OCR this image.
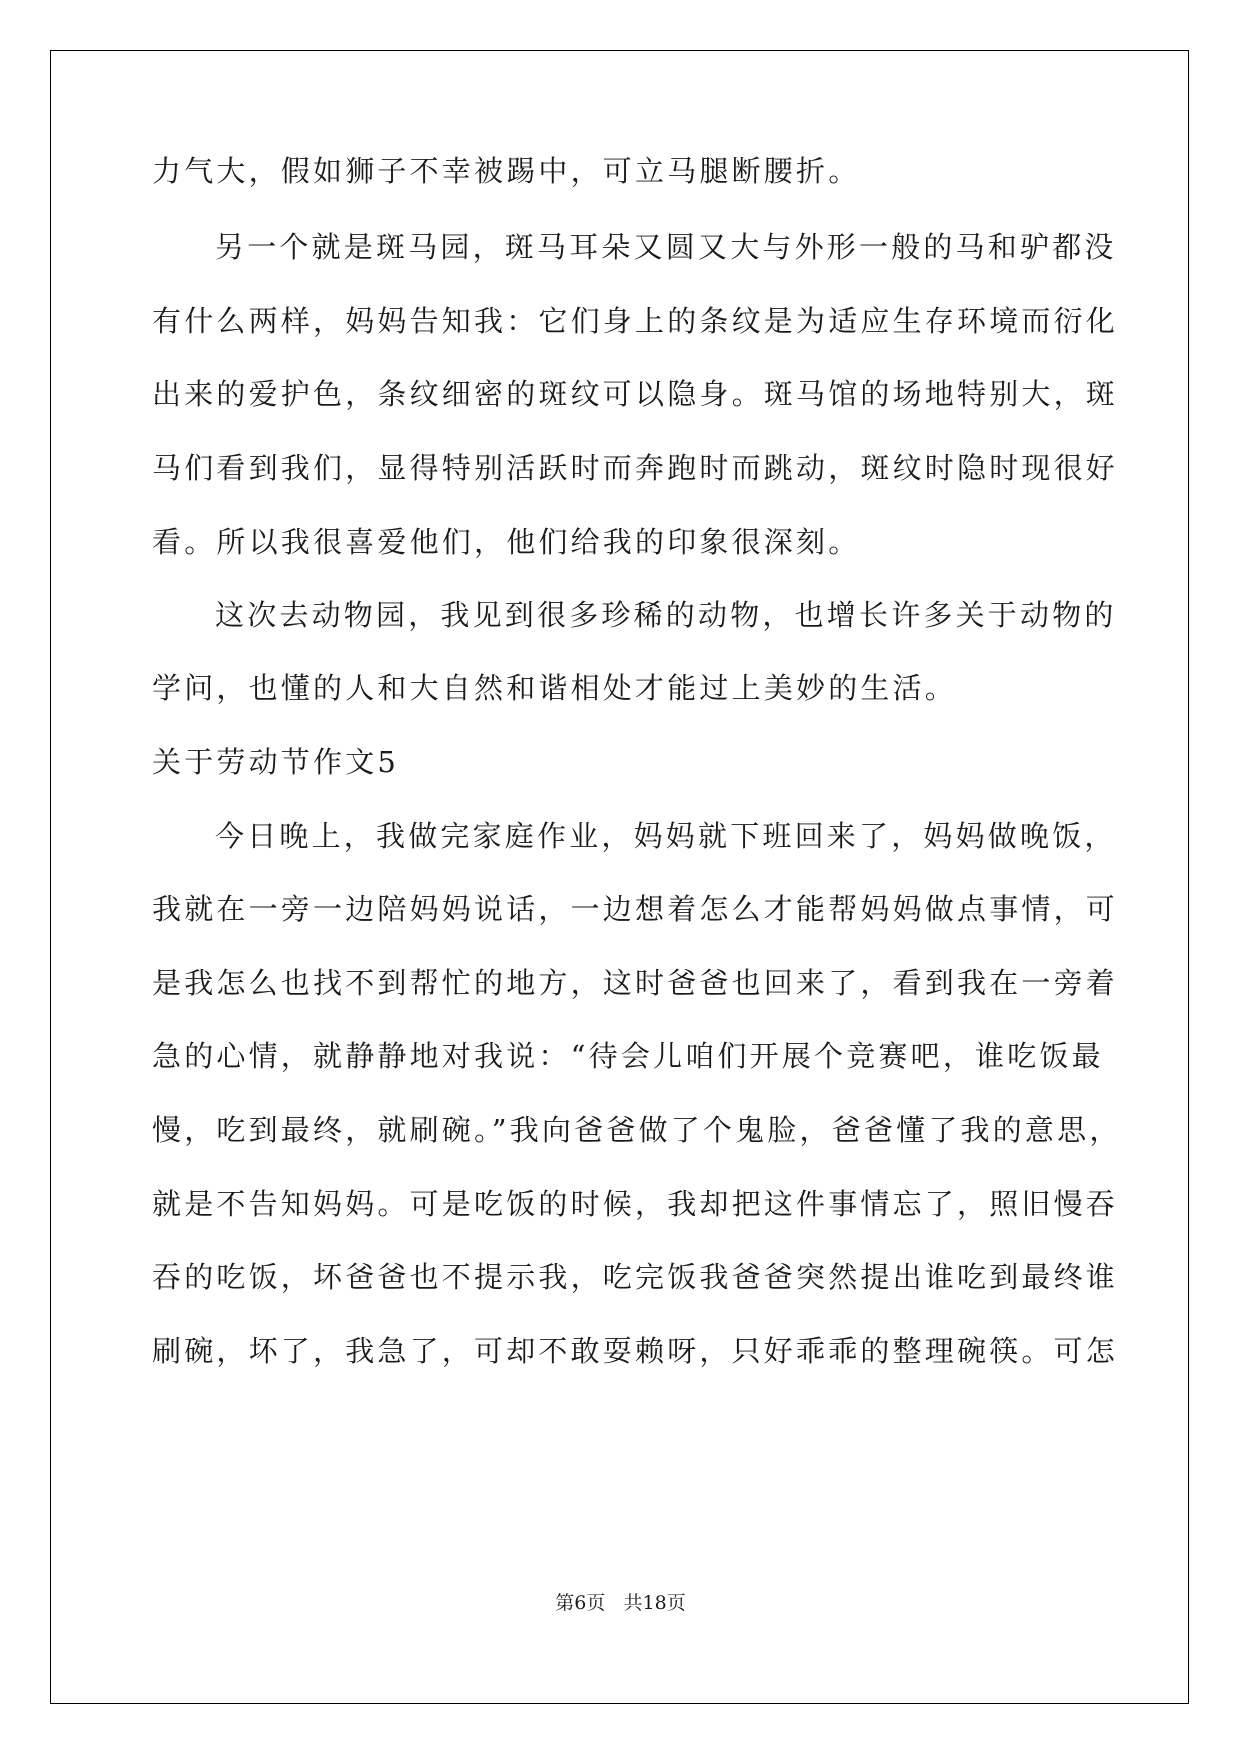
力气大，假如狮子不幸被踢中，可立马腿断腰折。
另一个就是斑马园，斑马耳朵又圆又大与外形一般的马和驴都没
有什么两样，妈妈告知我：它们身上的条纹是为适应生存环境而衍化
出来的爱护色，条纹细密的斑纹可以隐身。斑马馆的场地特别大，斑
马们看到我们，显得特别活跃时而奔跑时而跳动，斑纹时隐时现很好
看。所以我很喜爱他们，他们给我的印象很深刻。
这次去动物园，我见到很多珍稀的动物，也增长许多关于动物的
学问，也懂的人和大自然和谐相处才能过上美妙的生活。
关于劳动节作文5
今日晚上，我做完家庭作业，妈妈就下班回来了，妈妈做晚饭，
我就在一旁一边陪妈妈说话，一边想着怎么才能帮妈妈做点事情，可
是我怎么也找不到帮忙的地方，这时爸爸也回来了，看到我在一旁着
急的心情，就静静地对我说：“待会儿咱们开展个竞赛吧，谁吃饭最
慢，吃到最终，就刷碗。”我向爸爸做了个鬼脸，爸爸懂了我的意思，
就是不告知妈妈。可是吃饭的时候，我却把这件事情忘了，照旧慢吞
吞的吃饭，坏爸爸也不提示我，吃完饭我爸爸突然提出谁吃到最终谁
刷碗，坏了，我急了，可却不敢耍赖呀，只好乖乖的整理碗筷。可怎
第6页 共18页
